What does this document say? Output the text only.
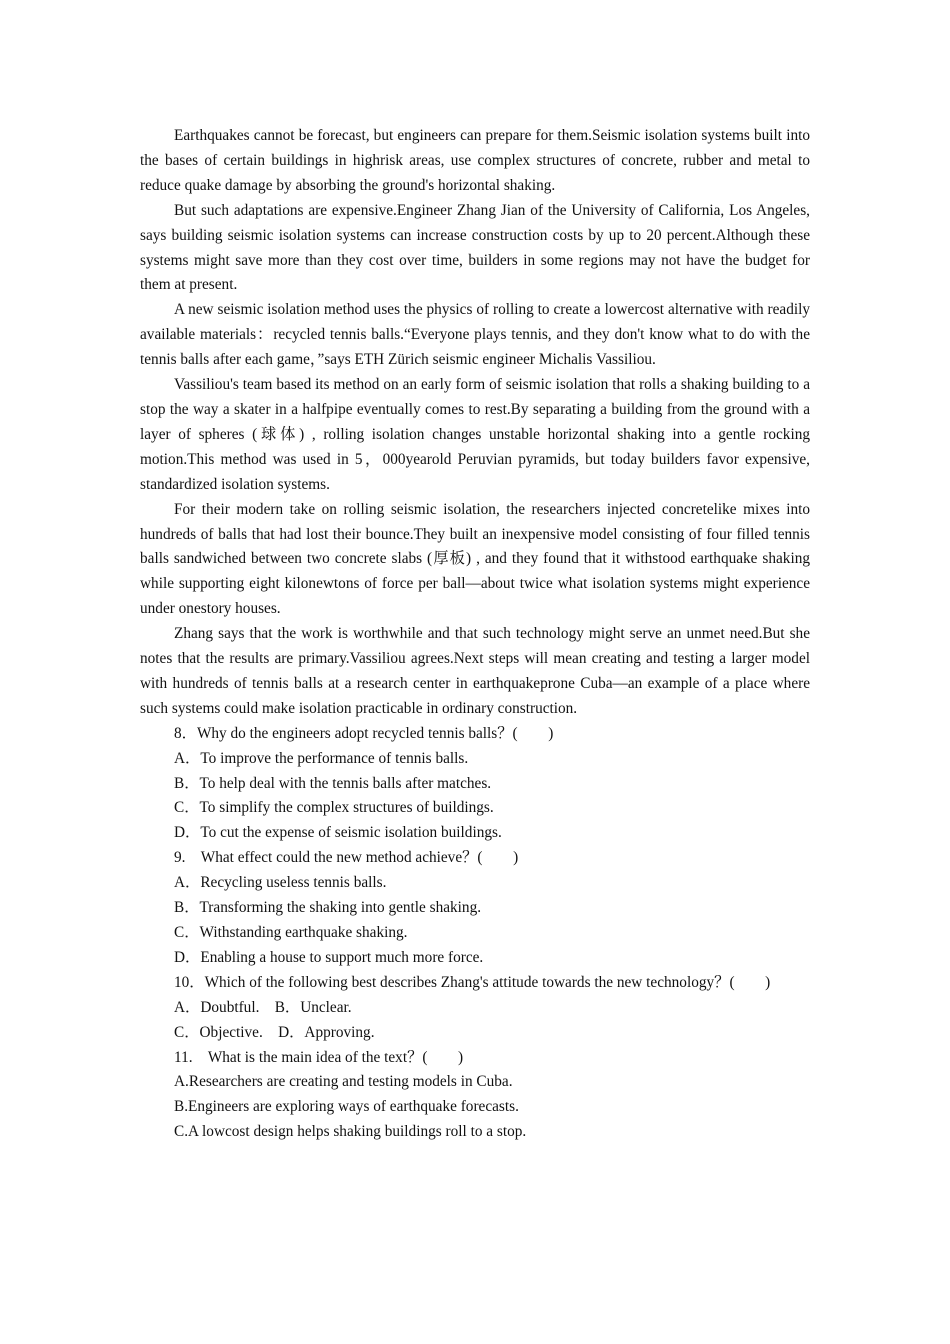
Earthquakes cannot be forecast, but engineers can prepare for them.Seismic isolation systems built into the bases of certain buildings in highrisk areas, use complex structures of concrete, rubber and metal to reduce quake damage by absorbing the ground's horizontal shaking.

But such adaptations are expensive.Engineer Zhang Jian of the University of California, Los Angeles, says building seismic isolation systems can increase construction costs by up to 20 percent.Although these systems might save more than they cost over time, builders in some regions may not have the budget for them at present.

A new seismic isolation method uses the physics of rolling to create a lowercost alternative with readily available materials：recycled tennis balls.“Everyone plays tennis, and they don't know what to do with the tennis balls after each game，”says ETH Zürich seismic engineer Michalis Vassiliou.

Vassiliou's team based its method on an early form of seismic isolation that rolls a shaking building to a stop the way a skater in a halfpipe eventually comes to rest.By separating a building from the ground with a layer of spheres (球体) , rolling isolation changes unstable horizontal shaking into a gentle rocking motion.This method was used in 5，000yearold Peruvian pyramids, but today builders favor expensive, standardized isolation systems.

For their modern take on rolling seismic isolation, the researchers injected concretelike mixes into hundreds of balls that had lost their bounce.They built an inexpensive model consisting of four filled tennis balls sandwiched between two concrete slabs (厚板) , and they found that it withstood earthquake shaking while supporting eight kilonewtons of force per ball—about twice what isolation systems might experience under onestory houses.

Zhang says that the work is worthwhile and that such technology might serve an unmet need.But she notes that the results are primary.Vassiliou agrees.Next steps will mean creating and testing a larger model with hundreds of tennis balls at a research center in earthquakeprone Cuba—an example of a place where such systems could make isolation practicable in ordinary construction.

8．Why do the engineers adopt recycled tennis balls？(　　)

A．To improve the performance of tennis balls.

B．To help deal with the tennis balls after matches.

C．To simplify the complex structures of buildings.

D．To cut the expense of seismic isolation buildings.

9.　What effect could the new method achieve？(　　)

A．Recycling useless tennis balls.

B．Transforming the shaking into gentle shaking.

C．Withstanding earthquake shaking.

D．Enabling a house to support much more force.

10．Which of the following best describes Zhang's attitude towards the new technology？(　　)

A．Doubtful.　B．Unclear.

C．Objective.　D．Approving.

11.　What is the main idea of the text？(　　)

A.Researchers are creating and testing models in Cuba.

B.Engineers are exploring ways of earthquake forecasts.

C.A lowcost design helps shaking buildings roll to a stop.
